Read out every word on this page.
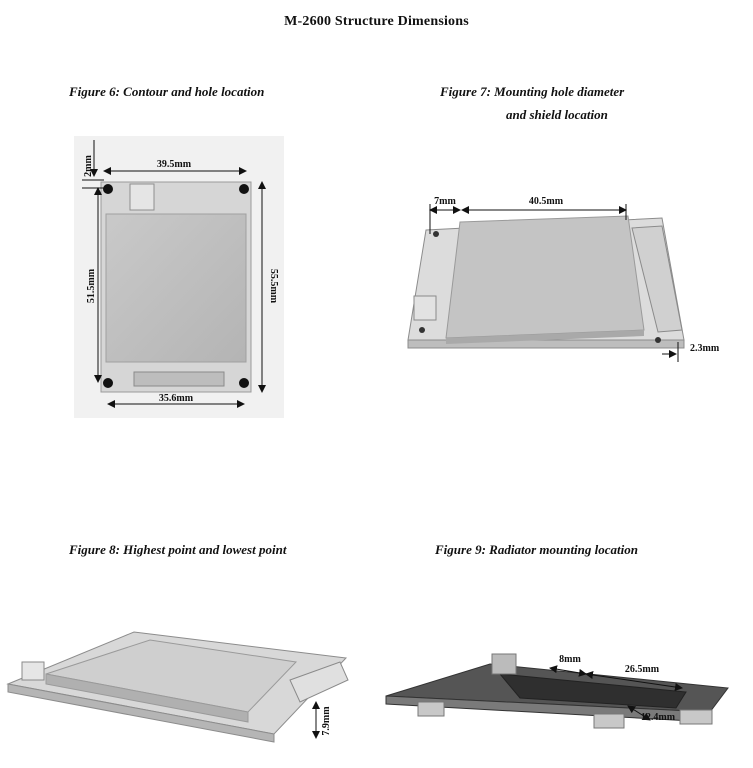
M-2600 Structure Dimensions
Figure 6: Contour and hole location	Figure 7: Mounting hole diameter
and shield location
Figure 8: Highest point and lowest point	Figure 9: Radiator mounting location
39.5mm
2mm
51.5mm	55.5mm
35.6mm
7mm	40.5mm
2.3mm
7.9mm
8mm
26.5mm
12.4mm
